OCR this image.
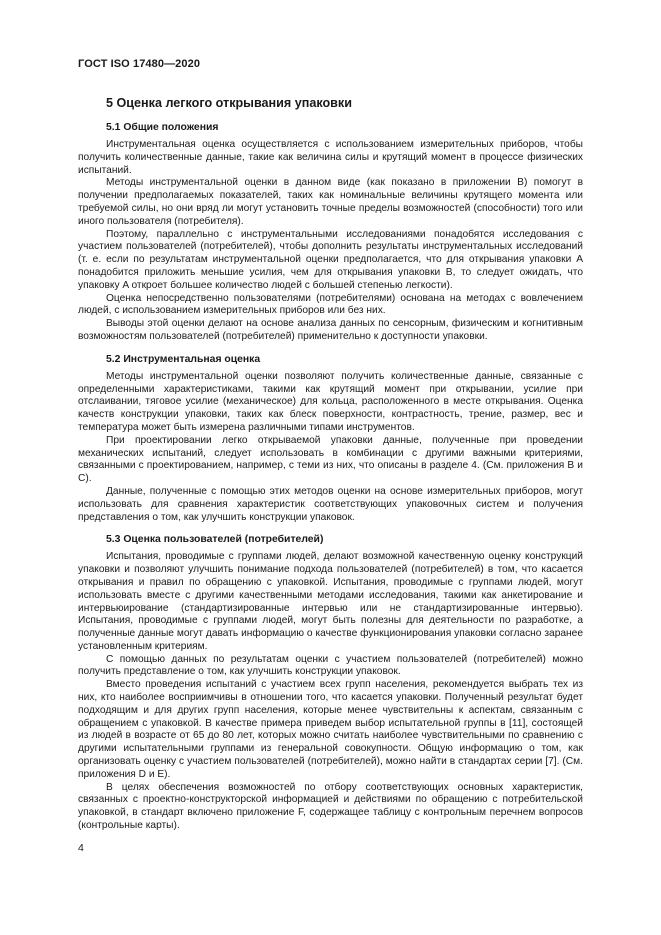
ГОСТ ISO 17480—2020
5 Оценка легкого открывания упаковки
5.1 Общие положения

Инструментальная оценка осуществляется с использованием измерительных приборов, чтобы получить количественные данные, такие как величина силы и крутящий момент в процессе физических испытаний.

Методы инструментальной оценки в данном виде (как показано в приложении B) помогут в получении предполагаемых показателей, таких как номинальные величины крутящего момента или требуемой силы, но они вряд ли могут установить точные пределы возможностей (способности) того или иного пользователя (потребителя).

Поэтому, параллельно с инструментальными исследованиями понадобятся исследования с участием пользователей (потребителей), чтобы дополнить результаты инструментальных исследований (т. е. если по результатам инструментальной оценки предполагается, что для открывания упаковки A понадобится приложить меньшие усилия, чем для открывания упаковки B, то следует ожидать, что упаковку A откроет большее количество людей с большей степенью легкости).

Оценка непосредственно пользователями (потребителями) основана на методах с вовлечением людей, с использованием измерительных приборов или без них.

Выводы этой оценки делают на основе анализа данных по сенсорным, физическим и когнитивным возможностям пользователей (потребителей) применительно к доступности упаковки.

5.2 Инструментальная оценка

Методы инструментальной оценки позволяют получить количественные данные, связанные с определенными характеристиками, такими как крутящий момент при открывании, усилие при отслаивании, тяговое усилие (механическое) для кольца, расположенного в месте открывания. Оценка качеств конструкции упаковки, таких как блеск поверхности, контрастность, трение, размер, вес и температура может быть измерена различными типами инструментов.

При проектировании легко открываемой упаковки данные, полученные при проведении механических испытаний, следует использовать в комбинации с другими важными критериями, связанными с проектированием, например, с теми из них, что описаны в разделе 4. (См. приложения B и C).

Данные, полученные с помощью этих методов оценки на основе измерительных приборов, могут использовать для сравнения характеристик соответствующих упаковочных систем и получения представления о том, как улучшить конструкции упаковок.

5.3 Оценка пользователей (потребителей)

Испытания, проводимые с группами людей, делают возможной качественную оценку конструкций упаковки и позволяют улучшить понимание подхода пользователей (потребителей) в том, что касается открывания и правил по обращению с упаковкой. Испытания, проводимые с группами людей, могут использовать вместе с другими качественными методами исследования, такими как анкетирование и интервьюирование (стандартизированные интервью или не стандартизированные интервью). Испытания, проводимые с группами людей, могут быть полезны для деятельности по разработке, а полученные данные могут давать информацию о качестве функционирования упаковки согласно заранее установленным критериям.

С помощью данных по результатам оценки с участием пользователей (потребителей) можно получить представление о том, как улучшить конструкции упаковок.

Вместо проведения испытаний с участием всех групп населения, рекомендуется выбрать тех из них, кто наиболее восприимчивы в отношении того, что касается упаковки. Полученный результат будет подходящим и для других групп населения, которые менее чувствительны к аспектам, связанным с обращением с упаковкой. В качестве примера приведем выбор испытательной группы в [11], состоящей из людей в возрасте от 65 до 80 лет, которых можно считать наиболее чувствительными по сравнению с другими испытательными группами из генеральной совокупности. Общую информацию о том, как организовать оценку с участием пользователей (потребителей), можно найти в стандартах серии [7]. (См. приложения D и E).

В целях обеспечения возможностей по отбору соответствующих основных характеристик, связанных с проектно-конструкторской информацией и действиями по обращению с потребительской упаковкой, в стандарт включено приложение F, содержащее таблицу с контрольным перечнем вопросов (контрольные карты).

4
